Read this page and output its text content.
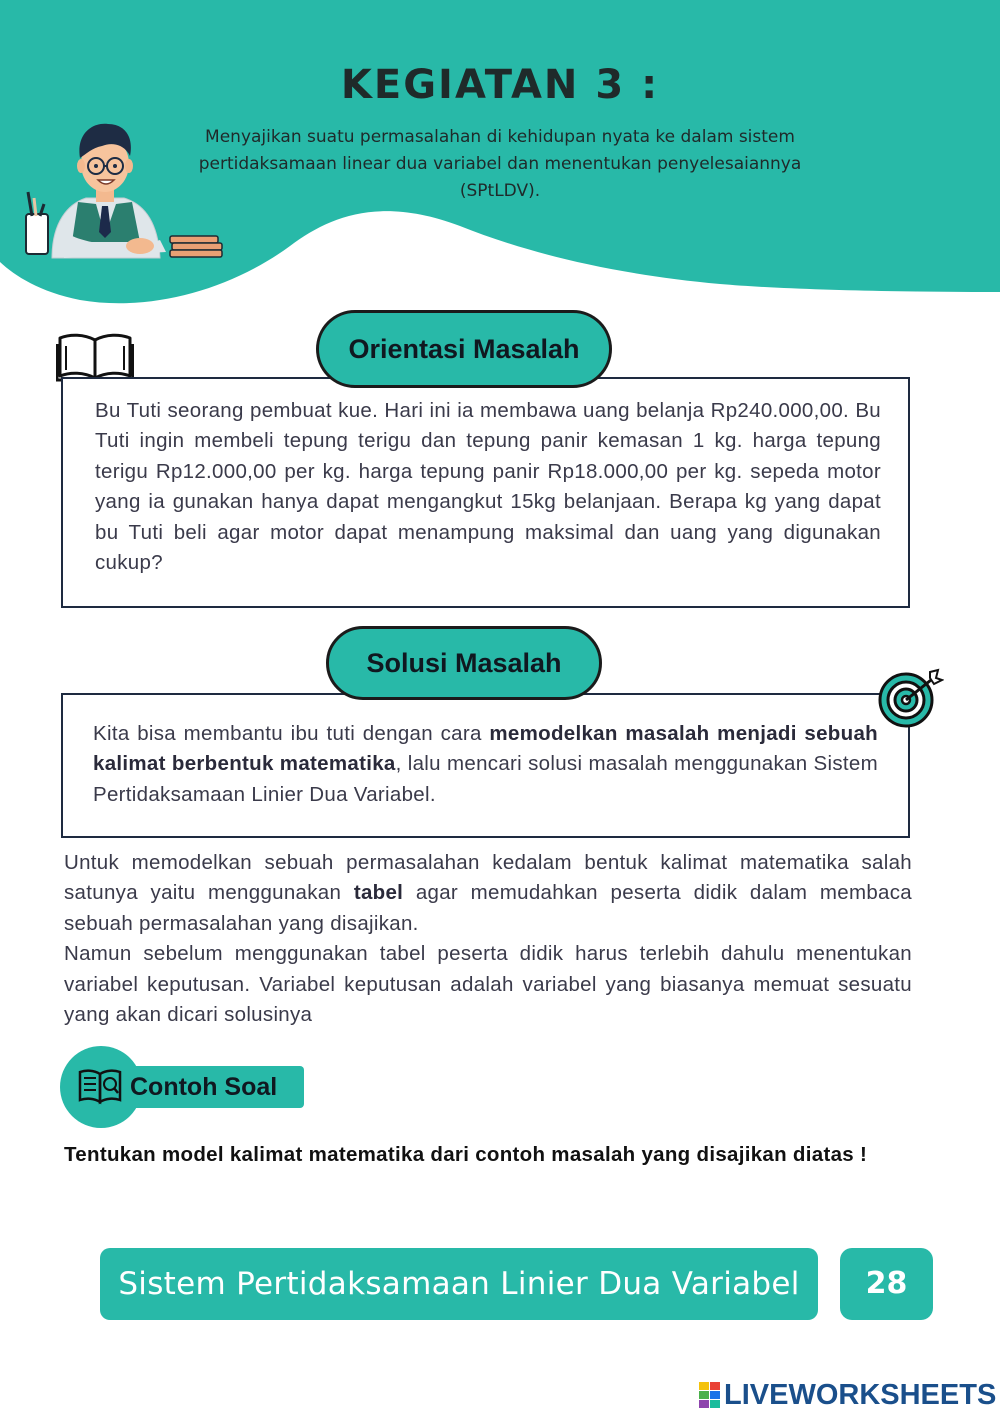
KEGIATAN 3 :

Menyajikan suatu permasalahan di kehidupan nyata ke dalam sistem pertidaksamaan linear dua variabel dan menentukan penyelesaiannya (SPtLDV).

Orientasi Masalah

Bu Tuti seorang pembuat kue. Hari ini ia membawa uang belanja Rp240.000,00. Bu Tuti ingin membeli tepung terigu dan tepung panir kemasan 1 kg. harga tepung terigu Rp12.000,00 per kg. harga tepung panir Rp18.000,00 per kg. sepeda motor yang ia gunakan hanya dapat mengangkut 15kg belanjaan. Berapa kg yang dapat bu Tuti beli agar motor dapat menampung maksimal dan uang yang digunakan cukup?

Solusi Masalah

Kita bisa membantu ibu tuti dengan cara memodelkan masalah menjadi sebuah kalimat berbentuk matematika, lalu mencari solusi masalah menggunakan Sistem Pertidaksamaan Linier Dua Variabel.

Untuk memodelkan sebuah permasalahan kedalam bentuk kalimat matematika salah satunya yaitu menggunakan tabel agar memudahkan peserta didik dalam membaca sebuah permasalahan yang disajikan.

Namun sebelum menggunakan tabel peserta didik harus terlebih dahulu menentukan variabel keputusan. Variabel keputusan adalah variabel yang biasanya memuat sesuatu yang akan dicari solusinya

Contoh Soal

Tentukan model kalimat matematika dari contoh masalah yang disajikan diatas !

Sistem Pertidaksamaan Linier Dua Variabel	28
LIVEWORKSHEETS
